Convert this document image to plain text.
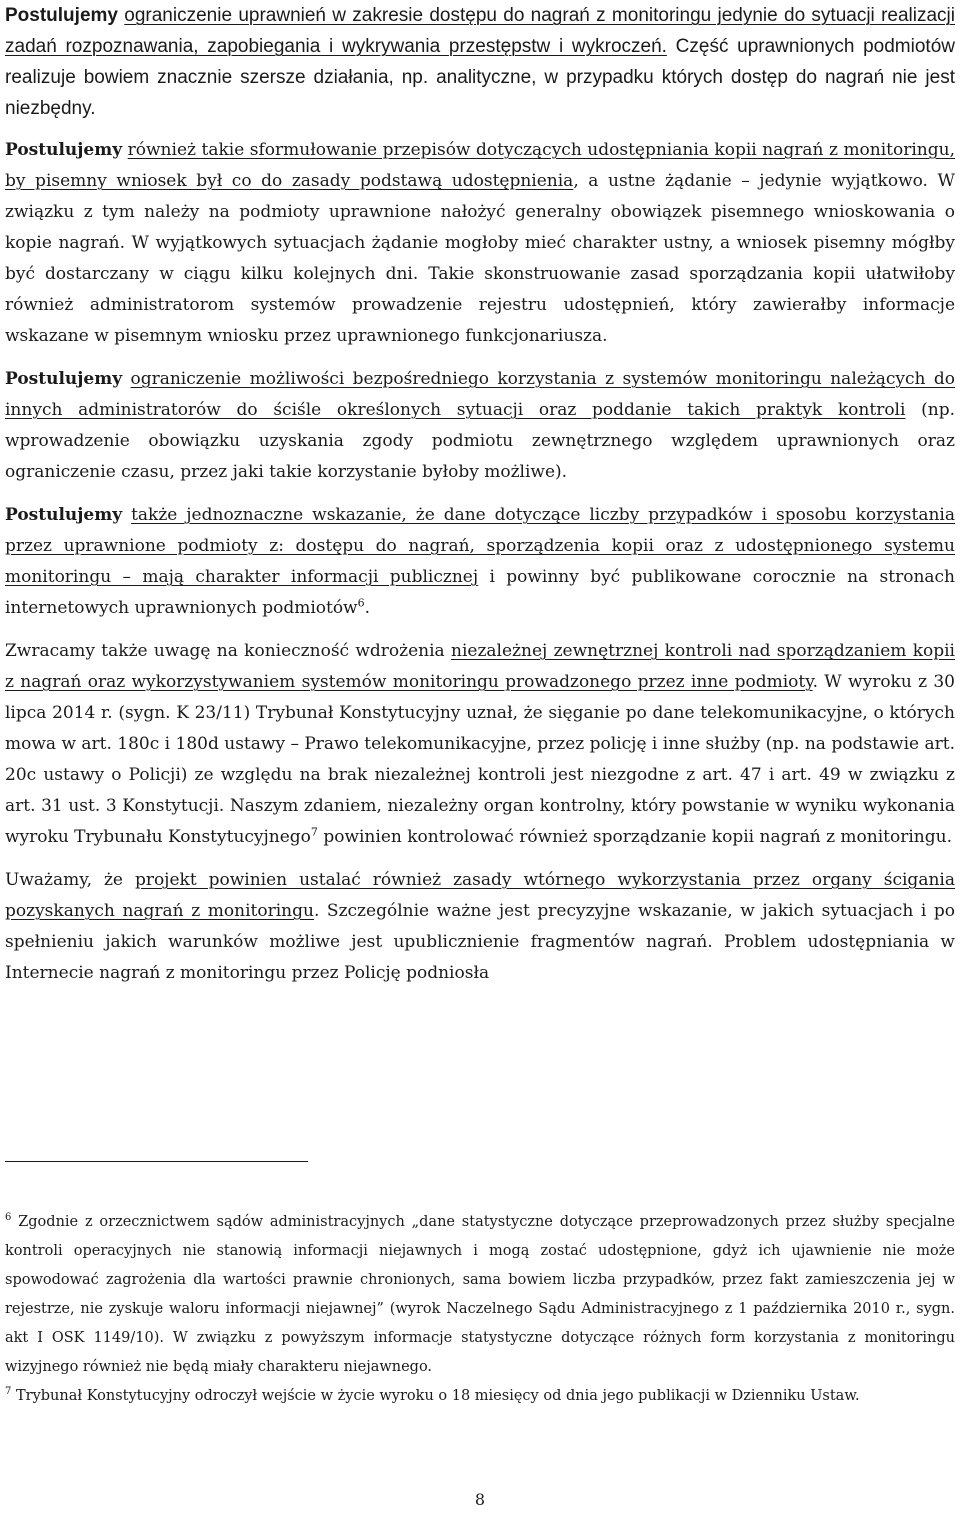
Postulujemy ograniczenie uprawnień w zakresie dostępu do nagrań z monitoringu jedynie do sytuacji realizacji zadań rozpoznawania, zapobiegania i wykrywania przestępstw i wykroczeń. Część uprawnionych podmiotów realizuje bowiem znacznie szersze działania, np. analityczne, w przypadku których dostęp do nagrań nie jest niezbędny.

Postulujemy również takie sformułowanie przepisów dotyczących udostępniania kopii nagrań z monitoringu, by pisemny wniosek był co do zasady podstawą udostępnienia, a ustne żądanie – jedynie wyjątkowo. W związku z tym należy na podmioty uprawnione nałożyć generalny obowiązek pisemnego wnioskowania o kopie nagrań. W wyjątkowych sytuacjach żądanie mogłoby mieć charakter ustny, a wniosek pisemny mógłby być dostarczany w ciągu kilku kolejnych dni. Takie skonstruowanie zasad sporządzania kopii ułatwiłoby również administratorom systemów prowadzenie rejestru udostępnień, który zawierałby informacje wskazane w pisemnym wniosku przez uprawnionego funkcjonariusza.

Postulujemy ograniczenie możliwości bezpośredniego korzystania z systemów monitoringu należących do innych administratorów do ściśle określonych sytuacji oraz poddanie takich praktyk kontroli (np. wprowadzenie obowiązku uzyskania zgody podmiotu zewnętrznego względem uprawnionych oraz ograniczenie czasu, przez jaki takie korzystanie byłoby możliwe).

Postulujemy także jednoznaczne wskazanie, że dane dotyczące liczby przypadków i sposobu korzystania przez uprawnione podmioty z: dostępu do nagrań, sporządzenia kopii oraz z udostępnionego systemu monitoringu – mają charakter informacji publicznej i powinny być publikowane corocznie na stronach internetowych uprawnionych podmiotów$^6$.

Zwracamy także uwagę na konieczność wdrożenia niezależnej zewnętrznej kontroli nad sporządzaniem kopii z nagrań oraz wykorzystywaniem systemów monitoringu prowadzonego przez inne podmioty. W wyroku z 30 lipca 2014 r. (sygn. K 23/11) Trybunał Konstytucyjny uznał, że sięganie po dane telekomunikacyjne, o których mowa w art. 180c i 180d ustawy – Prawo telekomunikacyjne, przez policję i inne służby (np. na podstawie art. 20c ustawy o Policji) ze względu na brak niezależnej kontroli jest niezgodne z art. 47 i art. 49 w związku z art. 31 ust. 3 Konstytucji. Naszym zdaniem, niezależny organ kontrolny, który powstanie w wyniku wykonania wyroku Trybunału Konstytucyjnego$^7$ powinien kontrolować również sporządzanie kopii nagrań z monitoringu.

Uważamy, że projekt powinien ustalać również zasady wtórnego wykorzystania przez organy ścigania pozyskanych nagrań z monitoringu. Szczególnie ważne jest precyzyjne wskazanie, w jakich sytuacjach i po spełnieniu jakich warunków możliwe jest upublicznienie fragmentów nagrań. Problem udostępniania w Internecie nagrań z monitoringu przez Policję podniosła

$^6$ Zgodnie z orzecznictwem sądów administracyjnych „dane statystyczne dotyczące przeprowadzonych przez służby specjalne kontroli operacyjnych nie stanowią informacji niejawnych i mogą zostać udostępnione, gdyż ich ujawnienie nie może spowodować zagrożenia dla wartości prawnie chronionych, sama bowiem liczba przypadków, przez fakt zamieszczenia jej w rejestrze, nie zyskuje waloru informacji niejawnej” (wyrok Naczelnego Sądu Administracyjnego z 1 października 2010 r., sygn. akt I OSK 1149/10). W związku z powyższym informacje statystyczne dotyczące różnych form korzystania z monitoringu wizyjnego również nie będą miały charakteru niejawnego.

$^7$ Trybunał Konstytucyjny odroczył wejście w życie wyroku o 18 miesięcy od dnia jego publikacji w Dzienniku Ustaw.

8
